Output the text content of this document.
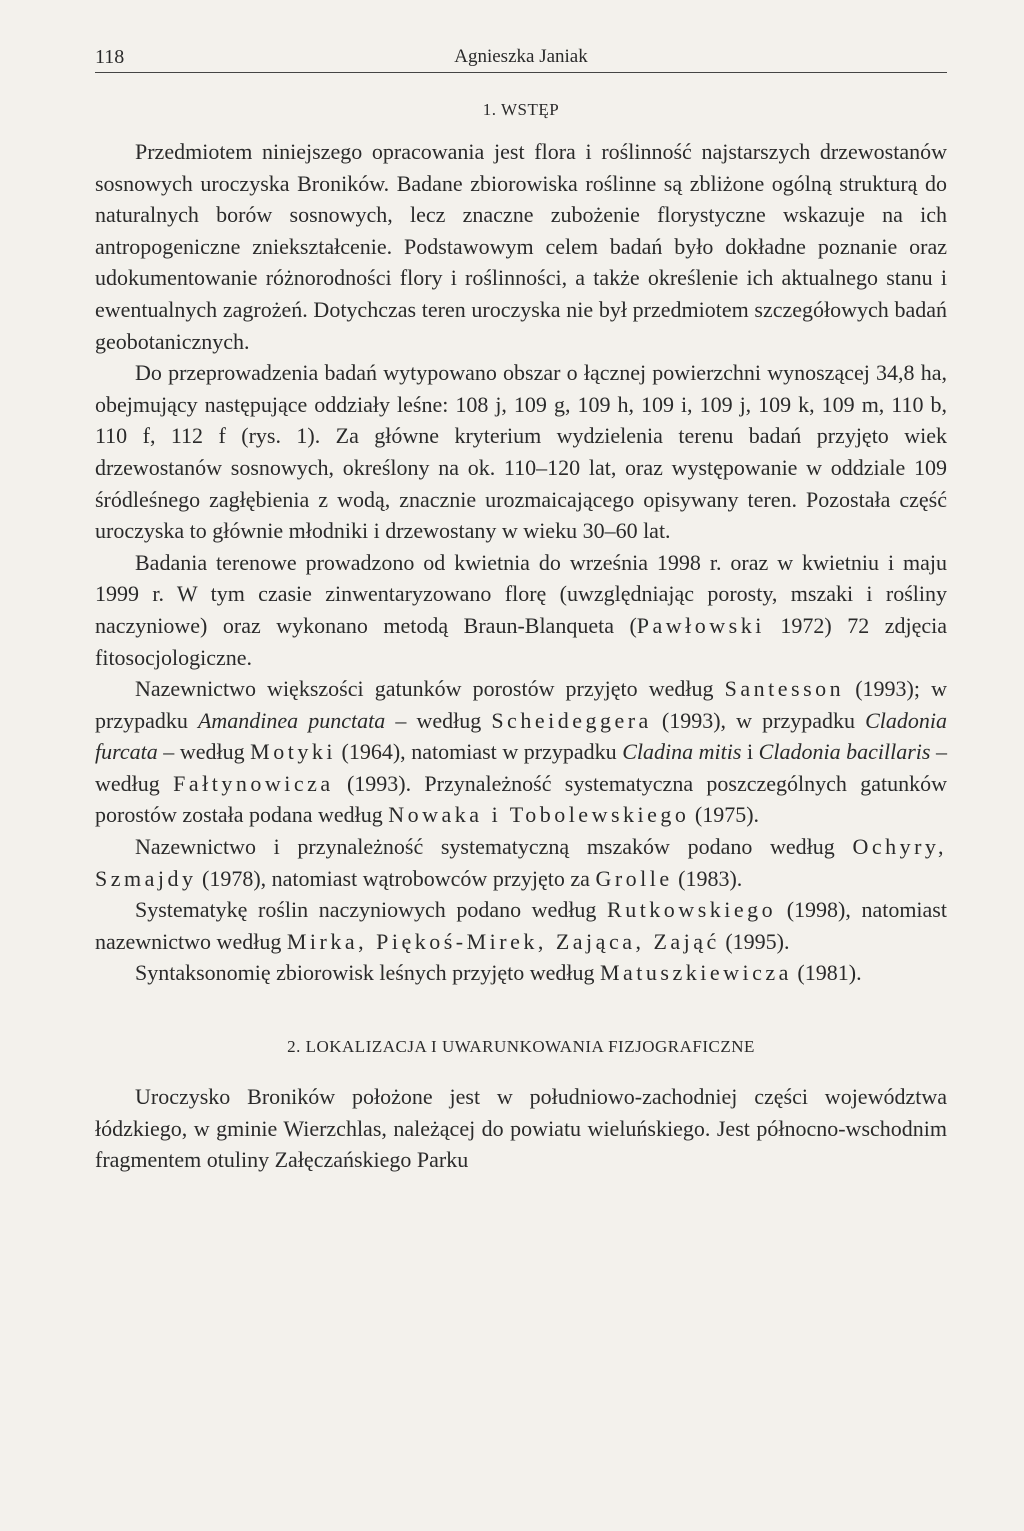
118	Agnieszka Janiak
1. WSTĘP

Przedmiotem niniejszego opracowania jest flora i roślinność najstarszych drzewostanów sosnowych uroczyska Broników. Badane zbiorowiska roślinne są zbliżone ogólną strukturą do naturalnych borów sosnowych, lecz znaczne zubożenie florystyczne wskazuje na ich antropogeniczne zniekształcenie. Podstawowym celem badań było dokładne poznanie oraz udokumentowanie różnorodności flory i roślinności, a także określenie ich aktualnego stanu i ewentualnych zagrożeń. Dotychczas teren uroczyska nie był przedmiotem szczegółowych badań geobotanicznych.

Do przeprowadzenia badań wytypowano obszar o łącznej powierzchni wynoszącej 34,8 ha, obejmujący następujące oddziały leśne: 108 j, 109 g, 109 h, 109 i, 109 j, 109 k, 109 m, 110 b, 110 f, 112 f (rys. 1). Za główne kryterium wydzielenia terenu badań przyjęto wiek drzewostanów sosnowych, określony na ok. 110–120 lat, oraz występowanie w oddziale 109 śródleśnego zagłębienia z wodą, znacznie urozmaicającego opisywany teren. Pozostała część uroczyska to głównie młodniki i drzewostany w wieku 30–60 lat.

Badania terenowe prowadzono od kwietnia do września 1998 r. oraz w kwietniu i maju 1999 r. W tym czasie zinwentaryzowano florę (uwzględniając porosty, mszaki i rośliny naczyniowe) oraz wykonano metodą Braun-Blanqueta (Pawłowski 1972) 72 zdjęcia fitosocjologiczne.

Nazewnictwo większości gatunków porostów przyjęto według Santesson (1993); w przypadku Amandinea punctata – według Scheideggera (1993), w przypadku Cladonia furcata – według Motyki (1964), natomiast w przypadku Cladina mitis i Cladonia bacillaris – według Fałtynowicza (1993). Przynależność systematyczna poszczególnych gatunków porostów została podana według Nowaka i Tobolewskiego (1975).

Nazewnictwo i przynależność systematyczną mszaków podano według Ochyry, Szmajdy (1978), natomiast wątrobowców przyjęto za Grolle (1983).

Systematykę roślin naczyniowych podano według Rutkowskiego (1998), natomiast nazewnictwo według Mirka, Piękoś-Mirek, Zająca, Zająć (1995).

Syntaksonomię zbiorowisk leśnych przyjęto według Matuszkiewicza (1981).

2. LOKALIZACJA I UWARUNKOWANIA FIZJOGRAFICZNE

Uroczysko Broników położone jest w południowo-zachodniej części województwa łódzkiego, w gminie Wierzchlas, należącej do powiatu wieluńskiego. Jest północno-wschodnim fragmentem otuliny Załęczańskiego Parku
